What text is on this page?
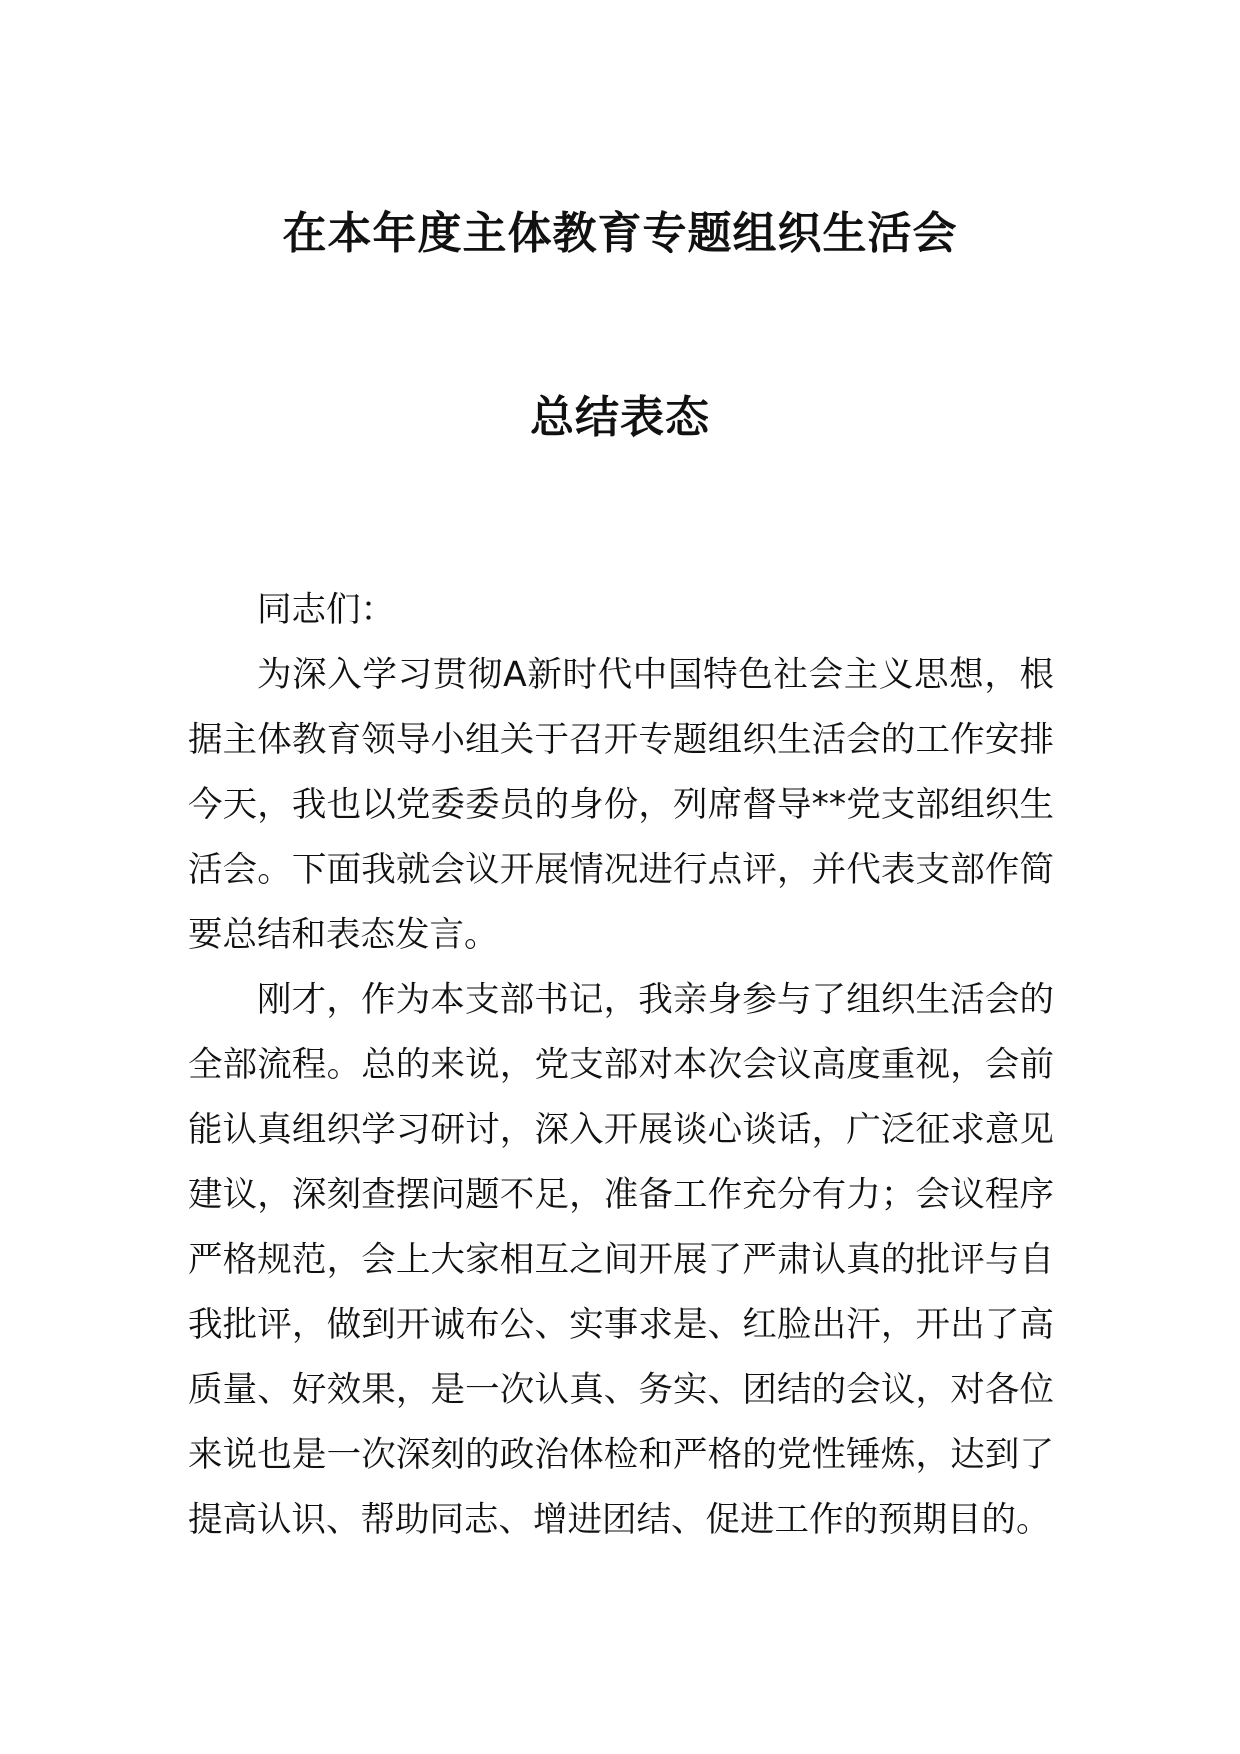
在本年度主体教育专题组织生活会
总结表态

同志们：

为深入学习贯彻A新时代中国特色社会主义思想，根据主体教育领导小组关于召开专题组织生活会的工作安排今天，我也以党委委员的身份，列席督导**党支部组织生活会。下面我就会议开展情况进行点评，并代表支部作简要总结和表态发言。

刚才，作为本支部书记，我亲身参与了组织生活会的全部流程。总的来说，党支部对本次会议高度重视，会前能认真组织学习研讨，深入开展谈心谈话，广泛征求意见建议，深刻查摆问题不足，准备工作充分有力；会议程序严格规范，会上大家相互之间开展了严肃认真的批评与自我批评，做到开诚布公、实事求是、红脸出汗，开出了高质量、好效果，是一次认真、务实、团结的会议，对各位来说也是一次深刻的政治体检和严格的党性锤炼，达到了提高认识、帮助同志、增进团结、促进工作的预期目的。
